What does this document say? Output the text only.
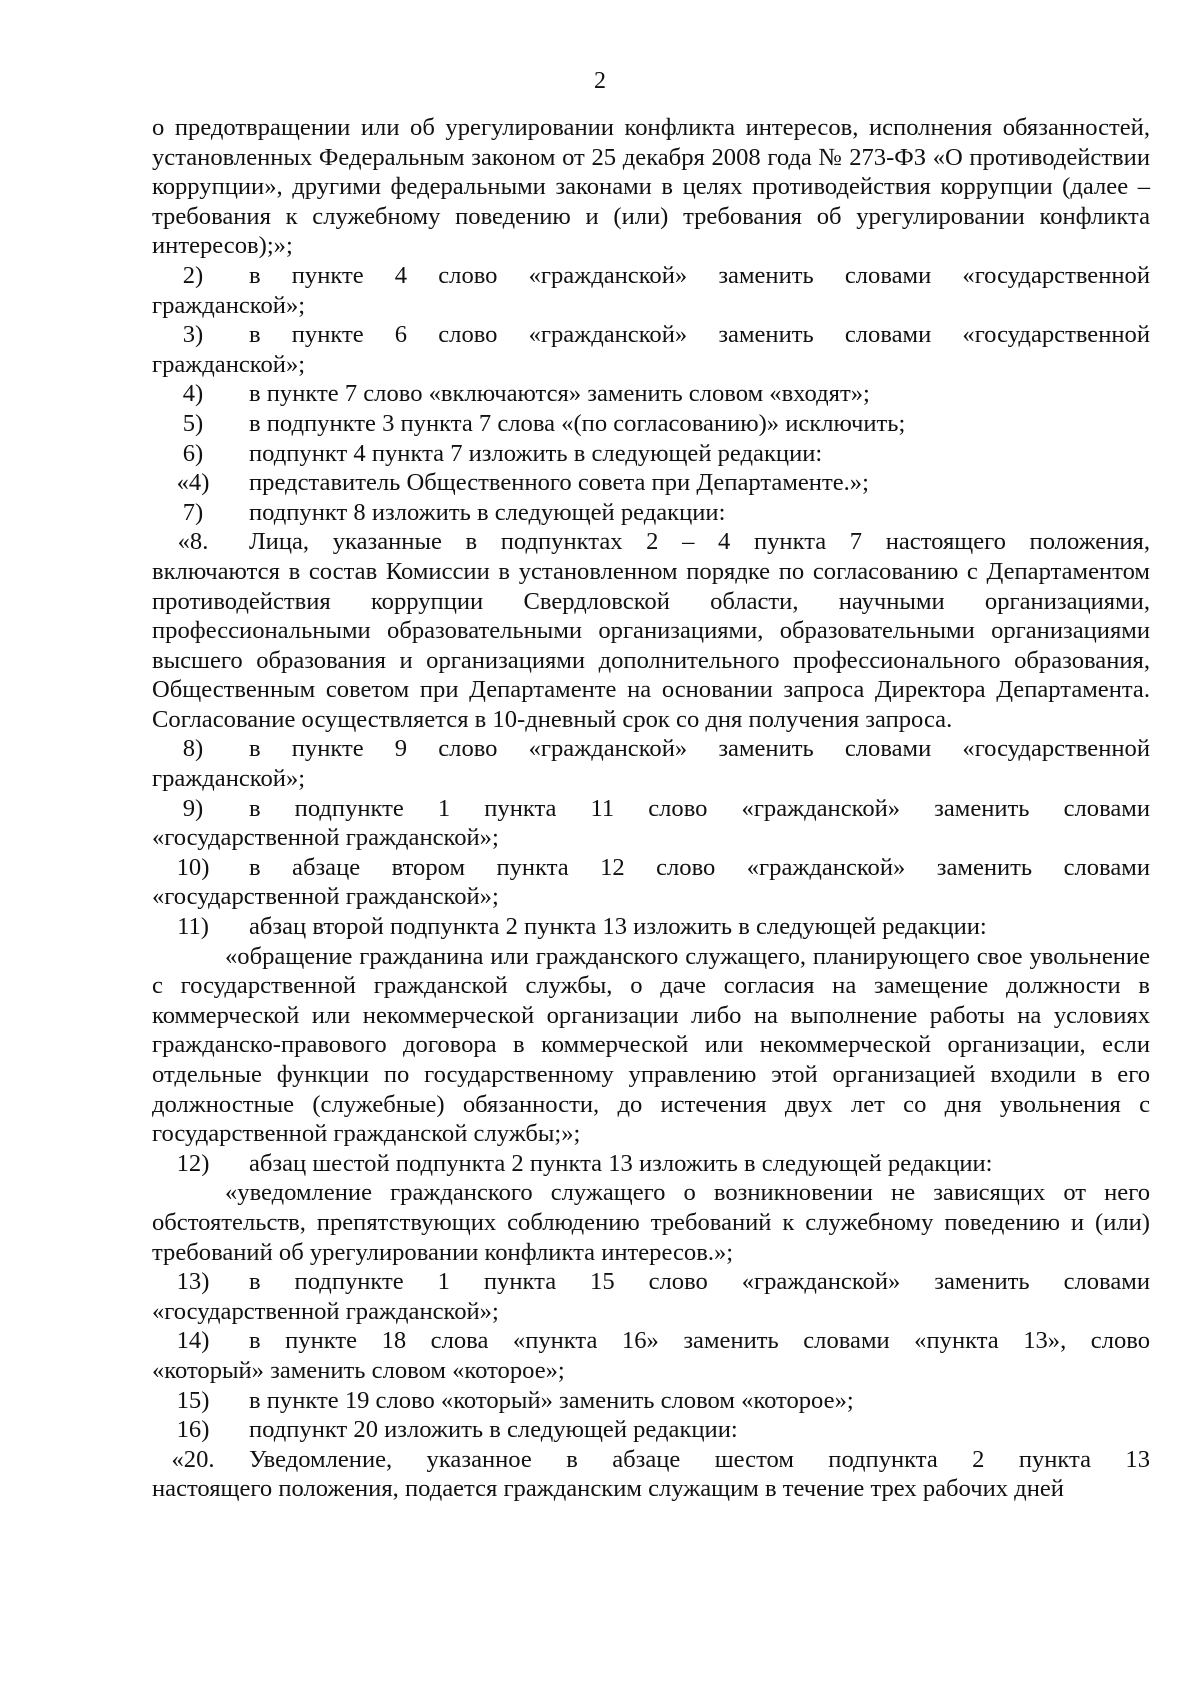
2

о предотвращении или об урегулировании конфликта интересов, исполнения обязанностей, установленных Федеральным законом от 25 декабря 2008 года № 273-ФЗ «О противодействии коррупции», другими федеральными законами в целях противодействия коррупции (далее – требования к служебному поведению и (или) требования об урегулировании конфликта интересов);»;

2)	в пункте 4 слово «гражданской» заменить словами «государственной

гражданской»;

3)	в пункте 6 слово «гражданской» заменить словами «государственной

гражданской»;

4)	в пункте 7 слово «включаются» заменить словом «входят»;
5)	в подпункте 3 пункта 7 слова «(по согласованию)» исключить;
6)	подпункт 4 пункта 7 изложить в следующей редакции:
«4)	представитель Общественного совета при Департаменте.»;
7)	подпункт 8 изложить в следующей редакции:
«8.	Лица, указанные в подпунктах 2 – 4 пункта 7 настоящего положения,

включаются в состав Комиссии в установленном порядке по согласованию с Департаментом противодействия коррупции Свердловской области, научными организациями, профессиональными образовательными организациями, образовательными организациями высшего образования и организациями дополнительного профессионального образования, Общественным советом при Департаменте на основании запроса Директора Департамента. Согласование осуществляется в 10-дневный срок со дня получения запроса.

8)	в пункте 9 слово «гражданской» заменить словами «государственной

гражданской»;

9)	в подпункте 1 пункта 11 слово «гражданской» заменить словами

«государственной гражданской»;

10)	в абзаце втором пункта 12 слово «гражданской» заменить словами

«государственной гражданской»;

11)	абзац второй подпункта 2 пункта 13 изложить в следующей редакции:

«обращение гражданина или гражданского служащего, планирующего свое увольнение с государственной гражданской службы, о даче согласия на замещение должности в коммерческой или некоммерческой организации либо на выполнение работы на условиях гражданско-правового договора в коммерческой или некоммерческой организации, если отдельные функции по государственному управлению этой организацией входили в его должностные (служебные) обязанности, до истечения двух лет со дня увольнения с государственной гражданской службы;»;

12)	абзац шестой подпункта 2 пункта 13 изложить в следующей редакции:

«уведомление гражданского служащего о возникновении не зависящих от него обстоятельств, препятствующих соблюдению требований к служебному поведению и (или) требований об урегулировании конфликта интересов.»;

13)	в подпункте 1 пункта 15 слово «гражданской» заменить словами

«государственной гражданской»;

14)	в пункте 18 слова «пункта 16» заменить словами «пункта 13», слово

«который» заменить словом «которое»;

15)	в пункте 19 слово «который» заменить словом «которое»;
16)	подпункт 20 изложить в следующей редакции:
«20.	Уведомление, указанное в абзаце шестом подпункта 2 пункта 13

настоящего положения, подается гражданским служащим в течение трех рабочих дней
